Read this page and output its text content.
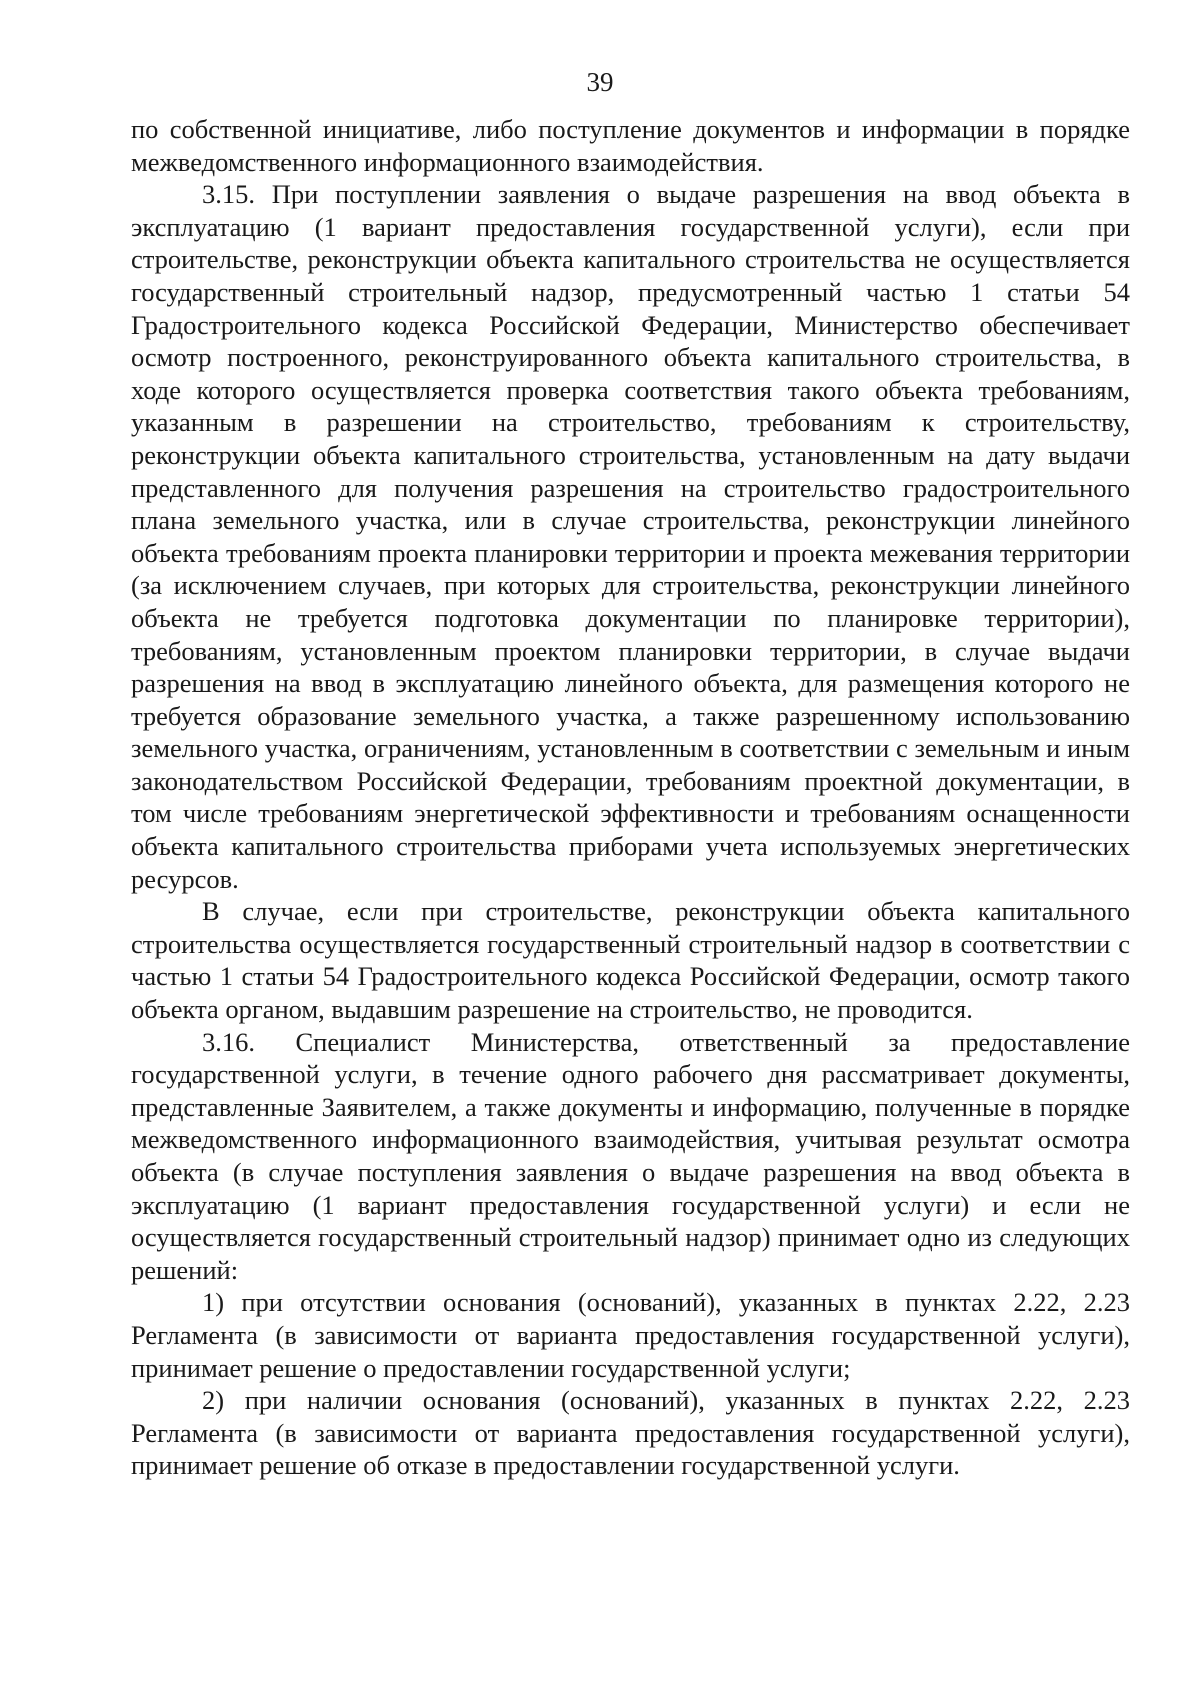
39

по собственной инициативе, либо поступление документов и информации в порядке межведомственного информационного взаимодействия.

3.15. При поступлении заявления о выдаче разрешения на ввод объекта в эксплуатацию (1 вариант предоставления государственной услуги), если при строительстве, реконструкции объекта капитального строительства не осуществляется государственный строительный надзор, предусмотренный частью 1 статьи 54 Градостроительного кодекса Российской Федерации, Министерство обеспечивает осмотр построенного, реконструированного объекта капитального строительства, в ходе которого осуществляется проверка соответствия такого объекта требованиям, указанным в разрешении на строительство, требованиям к строительству, реконструкции объекта капитального строительства, установленным на дату выдачи представленного для получения разрешения на строительство градостроительного плана земельного участка, или в случае строительства, реконструкции линейного объекта требованиям проекта планировки территории и проекта межевания территории (за исключением случаев, при которых для строительства, реконструкции линейного объекта не требуется подготовка документации по планировке территории), требованиям, установленным проектом планировки территории, в случае выдачи разрешения на ввод в эксплуатацию линейного объекта, для размещения которого не требуется образование земельного участка, а также разрешенному использованию земельного участка, ограничениям, установленным в соответствии с земельным и иным законодательством Российской Федерации, требованиям проектной документации, в том числе требованиям энергетической эффективности и требованиям оснащенности объекта капитального строительства приборами учета используемых энергетических ресурсов.

В случае, если при строительстве, реконструкции объекта капитального строительства осуществляется государственный строительный надзор в соответствии с частью 1 статьи 54 Градостроительного кодекса Российской Федерации, осмотр такого объекта органом, выдавшим разрешение на строительство, не проводится.

3.16. Специалист Министерства, ответственный за предоставление государственной услуги, в течение одного рабочего дня рассматривает документы, представленные Заявителем, а также документы и информацию, полученные в порядке межведомственного информационного взаимодействия, учитывая результат осмотра объекта (в случае поступления заявления о выдаче разрешения на ввод объекта в эксплуатацию (1 вариант предоставления государственной услуги) и если не осуществляется государственный строительный надзор) принимает одно из следующих решений:

1) при отсутствии основания (оснований), указанных в пунктах 2.22, 2.23 Регламента (в зависимости от варианта предоставления государственной услуги), принимает решение о предоставлении государственной услуги;

2) при наличии основания (оснований), указанных в пунктах 2.22, 2.23 Регламента (в зависимости от варианта предоставления государственной услуги), принимает решение об отказе в предоставлении государственной услуги.
